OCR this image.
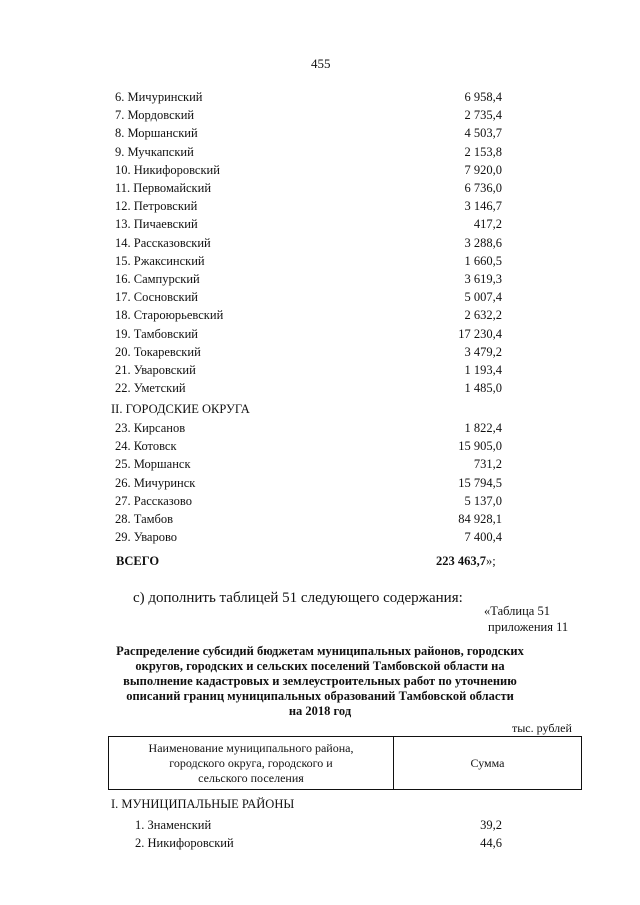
455
6. Мичуринский	6 958,4
7. Мордовский	2 735,4
8. Моршанский	4 503,7
9. Мучкапский	2 153,8
10. Никифоровский	7 920,0
11. Первомайский	6 736,0
12. Петровский	3 146,7
13. Пичаевский	417,2
14. Рассказовский	3 288,6
15. Ржаксинский	1 660,5
16. Сампурский	3 619,3
17. Сосновский	5 007,4
18. Староюрьевский	2 632,2
19. Тамбовский	17 230,4
20. Токаревский	3 479,2
21. Уваровский	1 193,4
22. Уметский	1 485,0
II. ГОРОДСКИЕ ОКРУГА
23. Кирсанов	1 822,4
24. Котовск	15 905,0
25. Моршанск	731,2
26. Мичуринск	15 794,5
27. Рассказово	5 137,0
28. Тамбов	84 928,1
29. Уварово	7 400,4
ВСЕГО	223 463,7»;
с) дополнить таблицей 51 следующего содержания:
«Таблица 51
приложения 11
Распределение субсидий бюджетам муниципальных районов, городских
округов, городских и сельских поселений Тамбовской области на
выполнение кадастровых и землеустроительных работ по уточнению
описаний границ муниципальных образований Тамбовской области
на 2018 год
тыс. рублей
Наименование муниципального района,
городского округа, городского и
сельского поселения
	Сумма
I. МУНИЦИПАЛЬНЫЕ РАЙОНЫ
1. Знаменский	39,2
2. Никифоровский	44,6
